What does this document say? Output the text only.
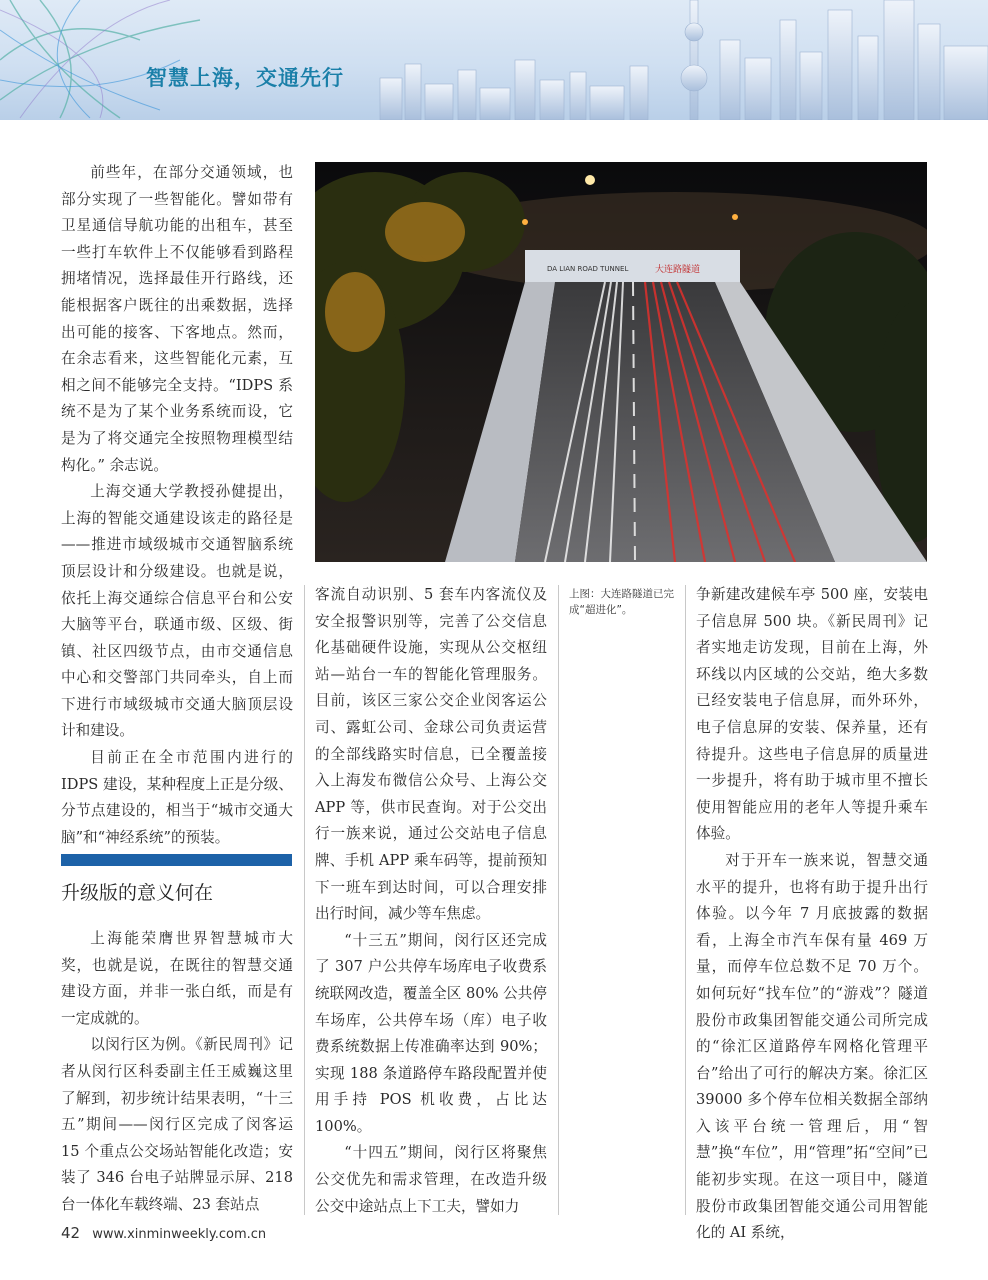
智慧上海，交通先行

前些年，在部分交通领域，也部分实现了一些智能化。譬如带有卫星通信导航功能的出租车，甚至一些打车软件上不仅能够看到路程拥堵情况，选择最佳开行路线，还能根据客户既往的出乘数据，选择出可能的接客、下客地点。然而，在余志看来，这些智能化元素，互相之间不能够完全支持。“IDPS 系统不是为了某个业务系统而设，它是为了将交通完全按照物理模型结构化。” 余志说。

上海交通大学教授孙健提出，上海的智能交通建设该走的路径是——推进市域级城市交通智脑系统顶层设计和分级建设。也就是说，依托上海交通综合信息平台和公安大脑等平台，联通市级、区级、街镇、社区四级节点，由市交通信息中心和交警部门共同牵头，自上而下进行市域级城市交通大脑顶层设计和建设。

目前正在全市范围内进行的 IDPS 建设，某种程度上正是分级、分节点建设的，相当于“城市交通大脑”和“神经系统”的预装。

升级版的意义何在

上海能荣膺世界智慧城市大奖，也就是说，在既往的智慧交通建设方面，并非一张白纸，而是有一定成就的。

以闵行区为例。《新民周刊》记者从闵行区科委副主任王威巍这里了解到，初步统计结果表明，“十三五”期间——闵行区完成了闵客运 15 个重点公交场站智能化改造；安装了 346 台电子站牌显示屏、218 台一体化车载终端、23 套站点

DA LIAN ROAD TUNNEL	大连路隧道
上图：大连路隧道已完成“超进化”。

客流自动识别、5 套车内客流仪及安全报警识别等，完善了公交信息化基础硬件设施，实现从公交枢纽站—站台一车的智能化管理服务。目前，该区三家公交企业闵客运公司、露虹公司、金球公司负责运营的全部线路实时信息，已全覆盖接入上海发布微信公众号、上海公交 APP 等，供市民查询。对于公交出行一族来说，通过公交站电子信息牌、手机 APP 乘车码等，提前预知下一班车到达时间，可以合理安排出行时间，减少等车焦虑。

“十三五”期间，闵行区还完成了 307 户公共停车场库电子收费系统联网改造，覆盖全区 80% 公共停车场库，公共停车场（库）电子收费系统数据上传准确率达到 90%；实现 188 条道路停车路段配置并使用手持 POS 机收费，占比达 100%。

“十四五”期间，闵行区将聚焦公交优先和需求管理，在改造升级公交中途站点上下工夫，譬如力

争新建改建候车亭 500 座，安装电子信息屏 500 块。《新民周刊》记者实地走访发现，目前在上海，外环线以内区域的公交站，绝大多数已经安装电子信息屏，而外环外，电子信息屏的安装、保养量，还有待提升。这些电子信息屏的质量进一步提升，将有助于城市里不擅长使用智能应用的老年人等提升乘车体验。

对于开车一族来说，智慧交通水平的提升，也将有助于提升出行体验。以今年 7 月底披露的数据看，上海全市汽车保有量 469 万量，而停车位总数不足 70 万个。如何玩好“找车位”的“游戏”？隧道股份市政集团智能交通公司所完成的“徐汇区道路停车网格化管理平台”给出了可行的解决方案。徐汇区 39000 多个停车位相关数据全部纳入该平台统一管理后，用“智慧”换“车位”，用“管理”拓“空间”已能初步实现。在这一项目中，隧道股份市政集团智能交通公司用智能化的 AI 系统，

42 www.xinminweekly.com.cn
